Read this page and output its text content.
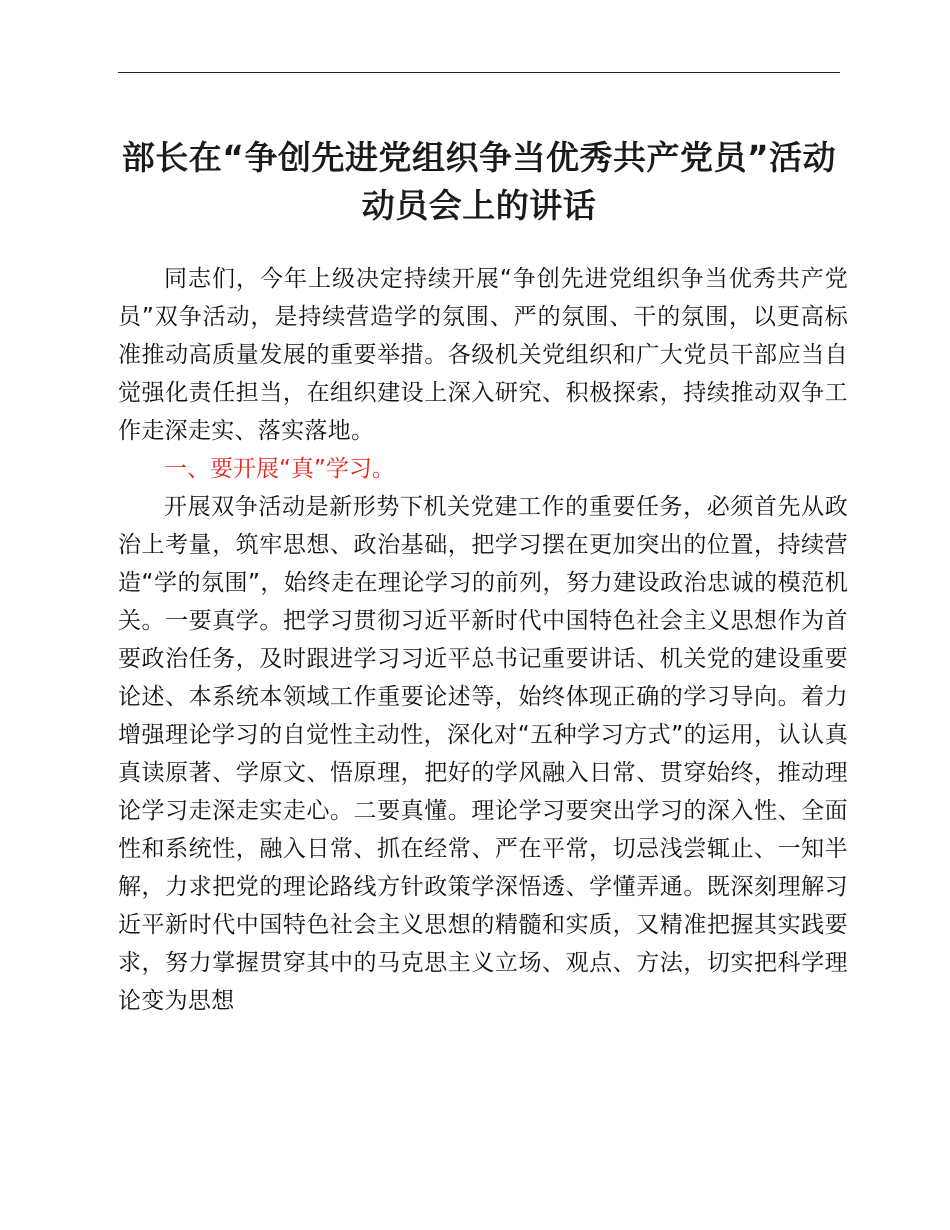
部长在“争创先进党组织争当优秀共产党员”活动动员会上的讲话

同志们，今年上级决定持续开展“争创先进党组织争当优秀共产党员”双争活动，是持续营造学的氛围、严的氛围、干的氛围，以更高标准推动高质量发展的重要举措。各级机关党组织和广大党员干部应当自觉强化责任担当，在组织建设上深入研究、积极探索，持续推动双争工作走深走实、落实落地。

一、要开展“真”学习。

开展双争活动是新形势下机关党建工作的重要任务，必须首先从政治上考量，筑牢思想、政治基础，把学习摆在更加突出的位置，持续营造“学的氛围”，始终走在理论学习的前列，努力建设政治忠诚的模范机关。一要真学。把学习贯彻习近平新时代中国特色社会主义思想作为首要政治任务，及时跟进学习习近平总书记重要讲话、机关党的建设重要论述、本系统本领域工作重要论述等，始终体现正确的学习导向。着力增强理论学习的自觉性主动性，深化对“五种学习方式”的运用，认认真真读原著、学原文、悟原理，把好的学风融入日常、贯穿始终，推动理论学习走深走实走心。二要真懂。理论学习要突出学习的深入性、全面性和系统性，融入日常、抓在经常、严在平常，切忌浅尝辄止、一知半解，力求把党的理论路线方针政策学深悟透、学懂弄通。既深刻理解习近平新时代中国特色社会主义思想的精髓和实质，又精准把握其实践要求，努力掌握贯穿其中的马克思主义立场、观点、方法，切实把科学理论变为思想
